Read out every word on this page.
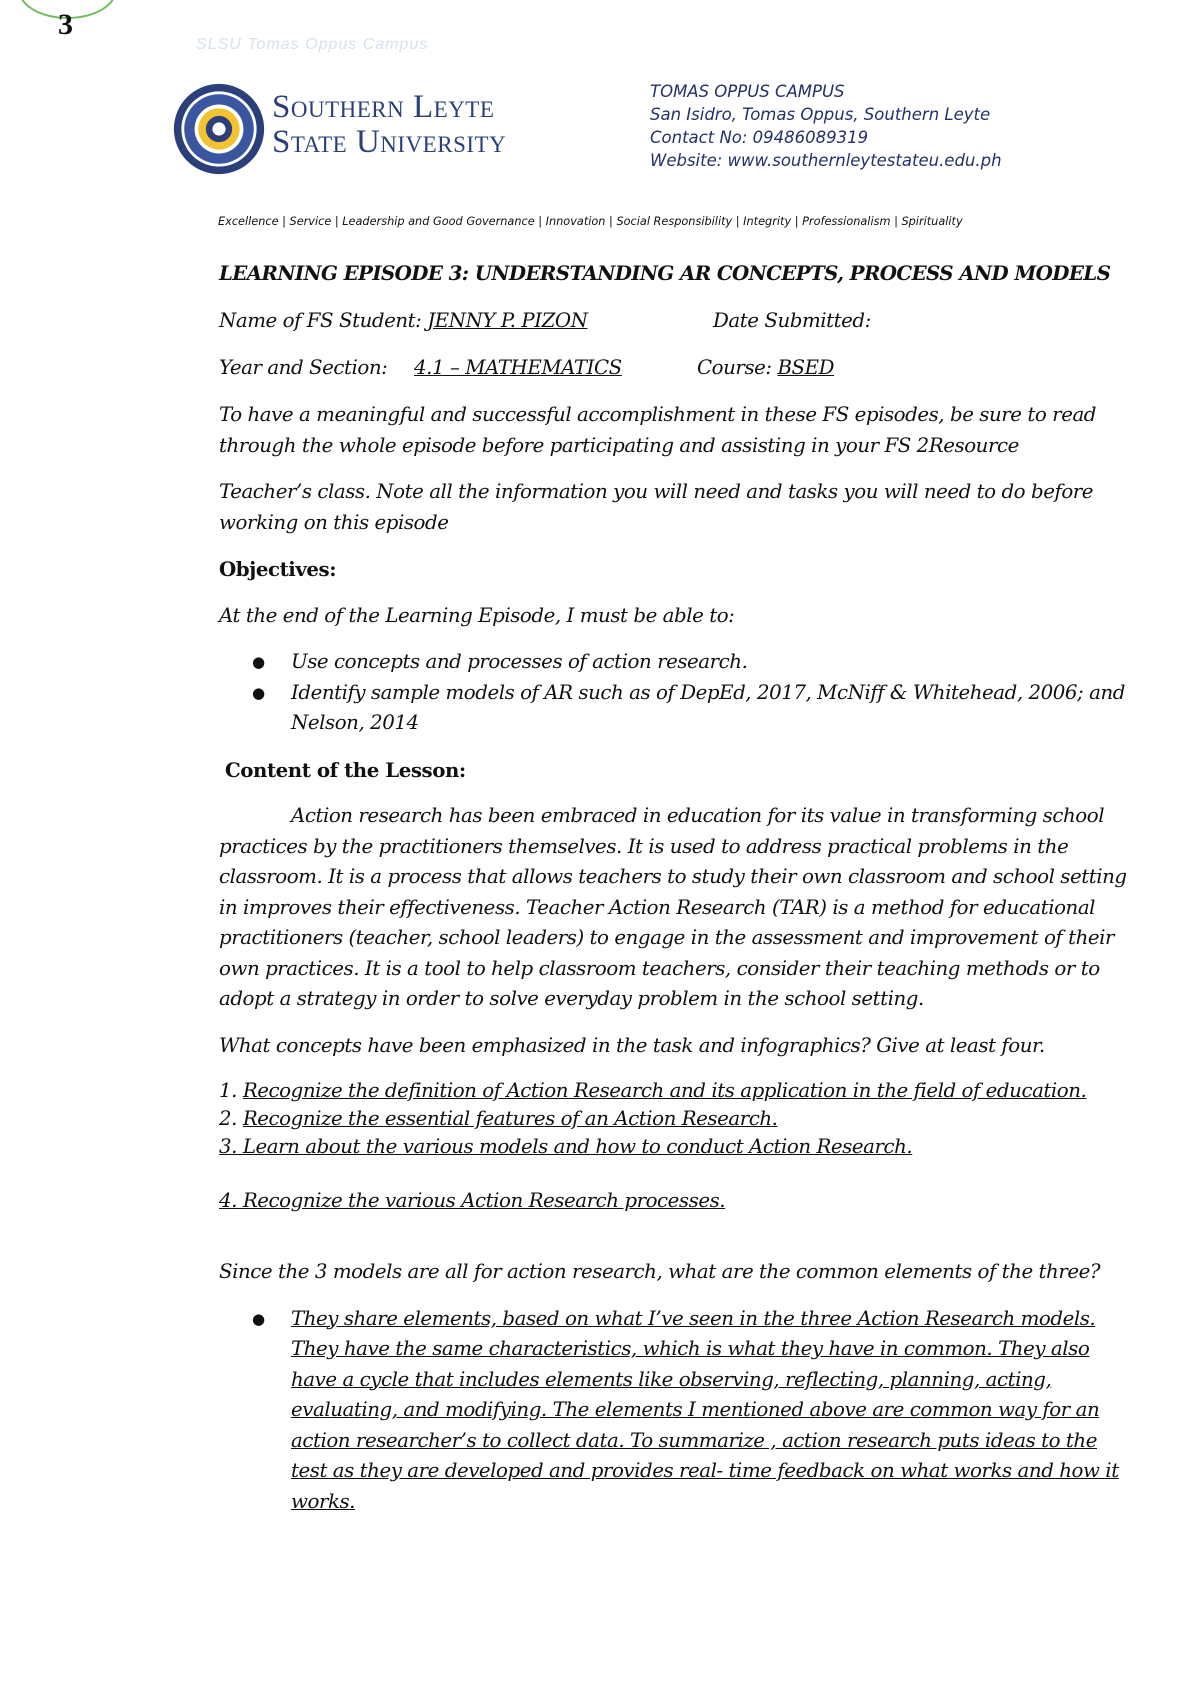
3
SLSU Tomas Oppus Campus
Southern Leyte
State University
TOMAS OPPUS CAMPUS
San Isidro, Tomas Oppus, Southern Leyte
Contact No: 09486089319
Website: www.southernleytestateu.edu.ph
Excellence | Service | Leadership and Good Governance | Innovation | Social Responsibility | Integrity | Professionalism | Spirituality

LEARNING EPISODE 3: UNDERSTANDING AR CONCEPTS, PROCESS AND MODELS

Name of FS Student: JENNY P. PIZON	Date Submitted:
Year and Section: 4.1 – MATHEMATICS	Course: BSED

To have a meaningful and successful accomplishment in these FS episodes, be sure to read through the whole episode before participating and assisting in your FS 2Resource

Teacher’s class. Note all the information you will need and tasks you will need to do before working on this episode

Objectives:

At the end of the Learning Episode, I must be able to:

● Use concepts and processes of action research.
● Identify sample models of AR such as of DepEd, 2017, McNiff & Whitehead, 2006; and Nelson, 2014

Content of the Lesson:

Action research has been embraced in education for its value in transforming school practices by the practitioners themselves. It is used to address practical problems in the classroom. It is a process that allows teachers to study their own classroom and school setting in improves their effectiveness. Teacher Action Research (TAR) is a method for educational practitioners (teacher, school leaders) to engage in the assessment and improvement of their own practices. It is a tool to help classroom teachers, consider their teaching methods or to adopt a strategy in order to solve everyday problem in the school setting.

What concepts have been emphasized in the task and infographics? Give at least four.

1. Recognize the definition of Action Research and its application in the field of education.
2. Recognize the essential features of an Action Research.
3. Learn about the various models and how to conduct Action Research.
4. Recognize the various Action Research processes.

Since the 3 models are all for action research, what are the common elements of the three?

● They share elements, based on what I’ve seen in the three Action Research models. They have the same characteristics, which is what they have in common. They also have a cycle that includes elements like observing, reflecting, planning, acting, evaluating, and modifying. The elements I mentioned above are common way for an action researcher’s to collect data. To summarize , action research puts ideas to the test as they are developed and provides real- time feedback on what works and how it works.
